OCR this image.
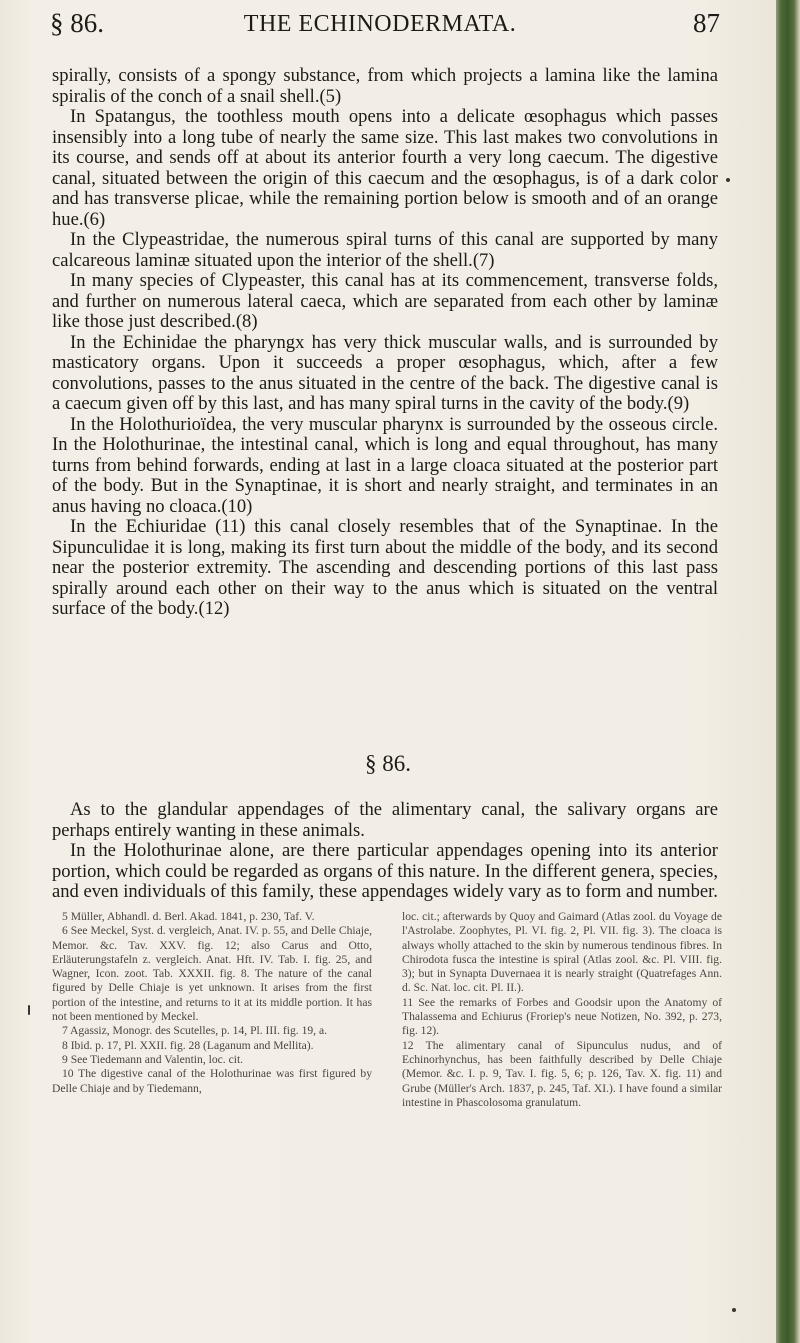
§ 86.	THE ECHINODERMATA.	87

spirally, consists of a spongy substance, from which projects a lamina like the lamina spiralis of the conch of a snail shell.(5)

In Spatangus, the toothless mouth opens into a delicate œsophagus which passes insensibly into a long tube of nearly the same size. This last makes two convolutions in its course, and sends off at about its anterior fourth a very long caecum. The digestive canal, situated between the origin of this caecum and the œsophagus, is of a dark color and has transverse plicae, while the remaining portion below is smooth and of an orange hue.(6)

In the Clypeastridae, the numerous spiral turns of this canal are supported by many calcareous laminæ situated upon the interior of the shell.(7)

In many species of Clypeaster, this canal has at its commencement, transverse folds, and further on numerous lateral caeca, which are separated from each other by laminæ like those just described.(8)

In the Echinidae the pharyngx has very thick muscular walls, and is surrounded by masticatory organs. Upon it succeeds a proper œsophagus, which, after a few convolutions, passes to the anus situated in the centre of the back. The digestive canal is a caecum given off by this last, and has many spiral turns in the cavity of the body.(9)

In the Holothurioïdea, the very muscular pharynx is surrounded by the osseous circle. In the Holothurinae, the intestinal canal, which is long and equal throughout, has many turns from behind forwards, ending at last in a large cloaca situated at the posterior part of the body. But in the Synaptinae, it is short and nearly straight, and terminates in an anus having no cloaca.(10)

In the Echiuridae (11) this canal closely resembles that of the Synaptinae. In the Sipunculidae it is long, making its first turn about the middle of the body, and its second near the posterior extremity. The ascending and descending portions of this last pass spirally around each other on their way to the anus which is situated on the ventral surface of the body.(12)

§ 86.

As to the glandular appendages of the alimentary canal, the salivary organs are perhaps entirely wanting in these animals.

In the Holothurinae alone, are there particular appendages opening into its anterior portion, which could be regarded as organs of this nature. In the different genera, species, and even individuals of this family, these appendages widely vary as to form and number.

5 Müller, Abhandl. d. Berl. Akad. 1841, p. 230, Taf. V.

6 See Meckel, Syst. d. vergleich, Anat. IV. p. 55, and Delle Chiaje, Memor. &c. Tav. XXV. fig. 12; also Carus and Otto, Erläuterungstafeln z. vergleich. Anat. Hft. IV. Tab. I. fig. 25, and Wagner, Icon. zoot. Tab. XXXII. fig. 8. The nature of the canal figured by Delle Chiaje is yet unknown. It arises from the first portion of the intestine, and returns to it at its middle portion. It has not been mentioned by Meckel.

7 Agassiz, Monogr. des Scutelles, p. 14, Pl. III. fig. 19, a.

8 Ibid. p. 17, Pl. XXII. fig. 28 (Laganum and Mellita).

9 See Tiedemann and Valentin, loc. cit.

10 The digestive canal of the Holothurinae was first figured by Delle Chiaje and by Tiedemann,

loc. cit.; afterwards by Quoy and Gaimard (Atlas zool. du Voyage de l'Astrolabe. Zoophytes, Pl. VI. fig. 2, Pl. VII. fig. 3). The cloaca is always wholly attached to the skin by numerous tendinous fibres. In Chirodota fusca the intestine is spiral (Atlas zool. &c. Pl. VIII. fig. 3); but in Synapta Duvernaea it is nearly straight (Quatrefages Ann. d. Sc. Nat. loc. cit. Pl. II.).

11 See the remarks of Forbes and Goodsir upon the Anatomy of Thalassema and Echiurus (Froriep's neue Notizen, No. 392, p. 273, fig. 12).

12 The alimentary canal of Sipunculus nudus, and of Echinorhynchus, has been faithfully described by Delle Chiaje (Memor. &c. I. p. 9, Tav. I. fig. 5, 6; p. 126, Tav. X. fig. 11) and Grube (Müller's Arch. 1837, p. 245, Taf. XI.). I have found a similar intestine in Phascolosoma granulatum.
